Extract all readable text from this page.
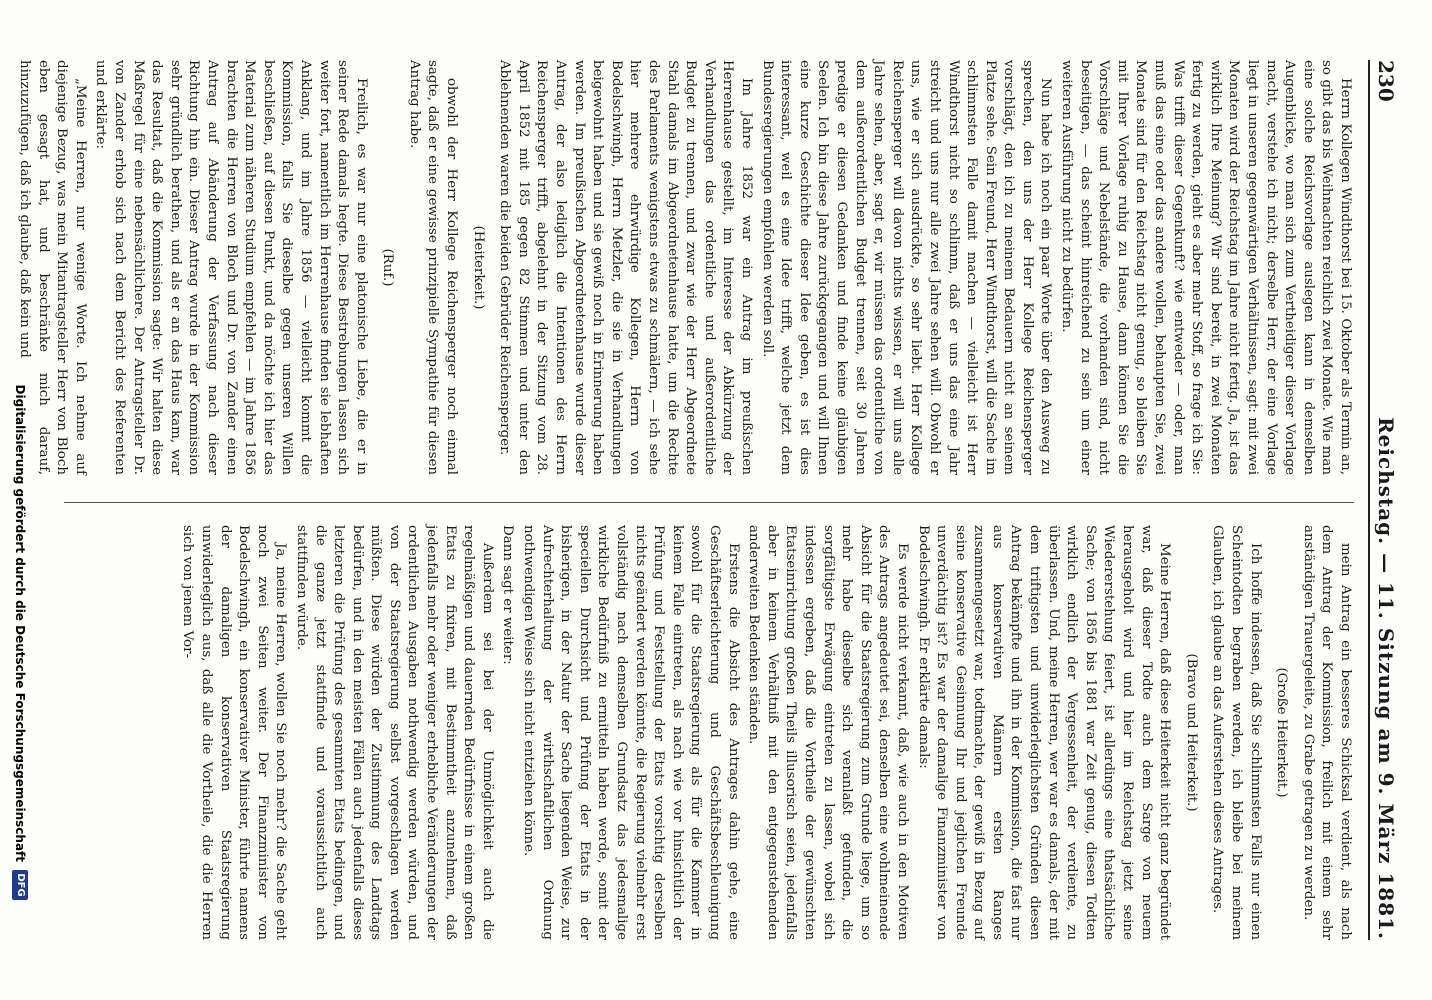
230
Reichstag. — 11. Sitzung am 9. März 1881.

Herrn Kollegen Windthorst bei 15. Oktober als Termin an, so gibt das bis Weihnachten reichlich zwei Monate. Wie man eine solche Reichsvorlage auslegen kann in demselben Augenblicke, wo man sich zum Vertheidiger dieser Vorlage macht, verstehe ich nicht; derselbe Herr, der eine Vorlage liegt in unseren gegenwärtigen Verhältnissen, sagt: mit zwei Monaten wird der Reichstag im Jahre nicht fertig. Ja, ist das wirklich Ihre Meinung? Wir sind bereit, in zwei Monaten fertig zu werden, gieht es aber mehr Stoff, so frage ich Sie: Was trifft dieser Gegenkunft? wie entweder — oder, man muß das eine oder das andere wollen, behaupten Sie, zwei Monate sind für den Reichstag nicht genug, so bleiben Sie mit Ihrer Vorlage ruhig zu Hause, dann können Sie die Vorschläge und Nebelstände, die vorhanden sind, nicht beseitigen, — das scheint hinreichend zu sein um einer weiteren Ausführung nicht zu bedürfen.

Nun habe ich noch ein paar Worte über den Ausweg zu sprechen, den uns der Herr Kollege Reichensperger vorschlägt, den ich zu meinem Bedauern nicht an seinem Platze sehe. Sein Freund, Herr Windthorst, will die Sache im schlimmsten Falle damit machen — vielleicht ist Herr Windthorst nicht so schlimm, daß er uns das eine Jahr streicht und uns nur alle zwei Jahre sehen will. Obwohl er uns, wie er sich ausdrückte, so sehr liebt. Herr Kollege Reichensperger will davon nichts wissen, er will uns alle Jahre sehen, aber, sagt er, wir müssen das ordentliche von dem außerordentlichen Budget trennen, seit 30 Jahren predige er diesen Gedanken und finde keine gläubigen Seelen. Ich bin diese Jahre zurückgegangen und will Ihnen eine kurze Geschichte dieser Idee geben, es ist dies interessant, weil es eine Idee trifft, welche jetzt dem Bundesregierungen empfohlen werden soll.

Im Jahre 1852 war ein Antrag im preußischen Herrenhause gestellt, im Interesse der Abkürzung der Verhandlungen das ordentliche und außerordentliche Budget zu trennen, und zwar wie der Herr Abgeordnete Stahl damals im Abgeordnetenhause hatte, um die Rechte des Parlaments wenigstens etwas zu schmälern, — ich sehe hier mehrere ehrwürdige Kollegen, Herrn von Bodelschwingh, Herrn Metzler, die sie in Verhandlungen beigewohnt haben und sie gewiß noch in Erinnerung haben werden. Im preußischen Abgeordnetenhause wurde dieser Antrag, der also lediglich die Intentionen des Herrn Reichensperger trifft, abgelehnt in der Sitzung vom 28. April 1852 mit 185 gegen 82 Stimmen und unter den Ablehnenden waren die beiden Gebrüder Reichensperger.

(Heiterkeit.)

obwohl der Herr Kollege Reichensperger noch einmal sagte, daß er eine gewisse prinzipielle Sympathie für diesen Antrag habe.

(Ruf.)

Freilich, es war nur eine platonische Liebe, die er in seiner Rede damals hegte. Diese Bestrebungen lassen sich weiter fort, namentlich im Herrenhause finden sie lebhaften Anklang, und im Jahre 1856 — vielleicht kommt die Kommission, falls Sie dieselbe gegen unseren Willen beschließen, auf diesen Punkt, und da möchte ich hier das Material zum näheren Studium empfehlen — im Jahre 1856 brachten die Herren von Bloch und Dr. von Zander einen Antrag auf Abänderung der Verfassung nach dieser Richtung hin ein. Dieser Antrag wurde in der Kommission sehr gründlich berathen, und als er an das Haus kam, war das Resultat, daß die Kommission sagte: Wir halten diese Maßregel für eine nebensächlichere. Der Antragsteller Dr. von Zander erhob sich nach dem Bericht des Referenten und erklärte:

„Meine Herren, nur wenige Worte. Ich nehme auf diejenige Bezug, was mein Mitantragsteller Herr von Bloch eben gesagt hat, und beschränke mich darauf, hinzuzufügen, daß ich glaube, daß kein und

mein Antrag ein besseres Schicksal verdient, als nach dem Antrag der Kommission, freilich mit einem sehr anständigen Trauergeleite, zu Grabe getragen zu werden.

(Große Heiterkeit.)

Ich hoffe indessen, daß Sie schlimmsten Falls nur einen Scheintodten begraben werden, ich bleibe bei meinem Glauben, ich glaube an das Auferstehen dieses Antrages.

(Bravo und Heiterkeit.)

Meine Herren, daß diese Heiterkeit nicht ganz begründet war, daß dieser Todte auch dem Sarge von neuem herausgeholt wird und hier im Reichstag jetzt seine Wiedererstehung feiert, ist allerdings eine thatsächliche Sache; von 1856 bis 1881 war Zeit genug, diesen Todten wirklich endlich der Vergessenheit, der verdiente, zu überlassen. Und, meine Herren, wer war es damals, der mit dem triftigsten und unwiderleglichsten Gründen diesen Antrag bekämpfte und ihn in der Kommission, die fast nur aus konservativen Männern ersten Ranges zusammengesetzt war, todtmachte, der gewiß in Bezug auf seine konservative Gesinnung Ihr und jeglichen Freunde unverdächtig ist? Es war der damalige Finanzminister von Bodelschwingh. Er erklärte damals:

Es werde nicht verkannt, daß, wie auch in den Motiven des Antrags angedeutet sei, denselben eine wohlmeinende Absicht für die Staatsregierung zum Grunde liege, um so mehr habe dieselbe sich veranlaßt gefunden, die sorgfältigste Erwägung eintreten zu lassen, wobei sich indessen ergeben, daß die Vortheile der gewünschten Etatseinrichtung großen Theils illusorisch seien, jedenfalls aber in keinem Verhältniß mit den entgegenstehenden anderweiten Bedenken ständen.

Erstens die Absicht des Antrages dahin gehe, eine Geschäftserleichterung und Geschäftsbeschleunigung sowohl für die Staatsregierung als für die Kammer in keinem Falle eintreten, als nach wie vor hinsichtlich der Prüfung und Feststellung der Etats vorsichtig derselben nichts geändert werden könnte, die Regierung vielmehr erst vollständig nach demselben Grundsatz das jedesmalige wirkliche Bedürfniß zu ermitteln haben werde, somit der speciellen Durchsicht und Prüfung der Etats in der bisherigen, in der Natur der Sache liegenden Weise, zur Aufrechterhaltung der wirthschaftlichen Ordnung nothwendigen Weise sich nicht entziehen könne.

Dann sagt er weiter:

Außerdem sei bei der Unmöglichkeit auch die regelmäßigen und dauernden Bedürfnisse in einem großen Etats zu fixiren, mit Bestimmtheit anzunehmen, daß jedenfalls mehr oder weniger erhebliche Veränderungen der ordentlichen Ausgaben nothwendig werden würden, und von der Staatsregierung selbst vorgeschlagen werden müßten. Diese würden der Zustimmung des Landtags bedürfen, und in den meisten Fällen auch jedenfalls dieses letzteren die Prüfung des gesammten Etats bedingen, und die ganze jetzt stattfinde und voraussichtlich auch stattfinden würde.

Ja, meine Herren, wollen Sie noch mehr? die Sache geht noch zwei Seiten weiter. Der Finanzminister von Bodelschwingh, ein konservativer Minister, führte namens der damaligen konservativen Staatsregierung unwiderleglich aus, daß alle die Vortheile, die die Herren sich von jenem Vor-

Digitalisierung gefördert durch die Deutsche Forschungsgemeinschaft
DFG
